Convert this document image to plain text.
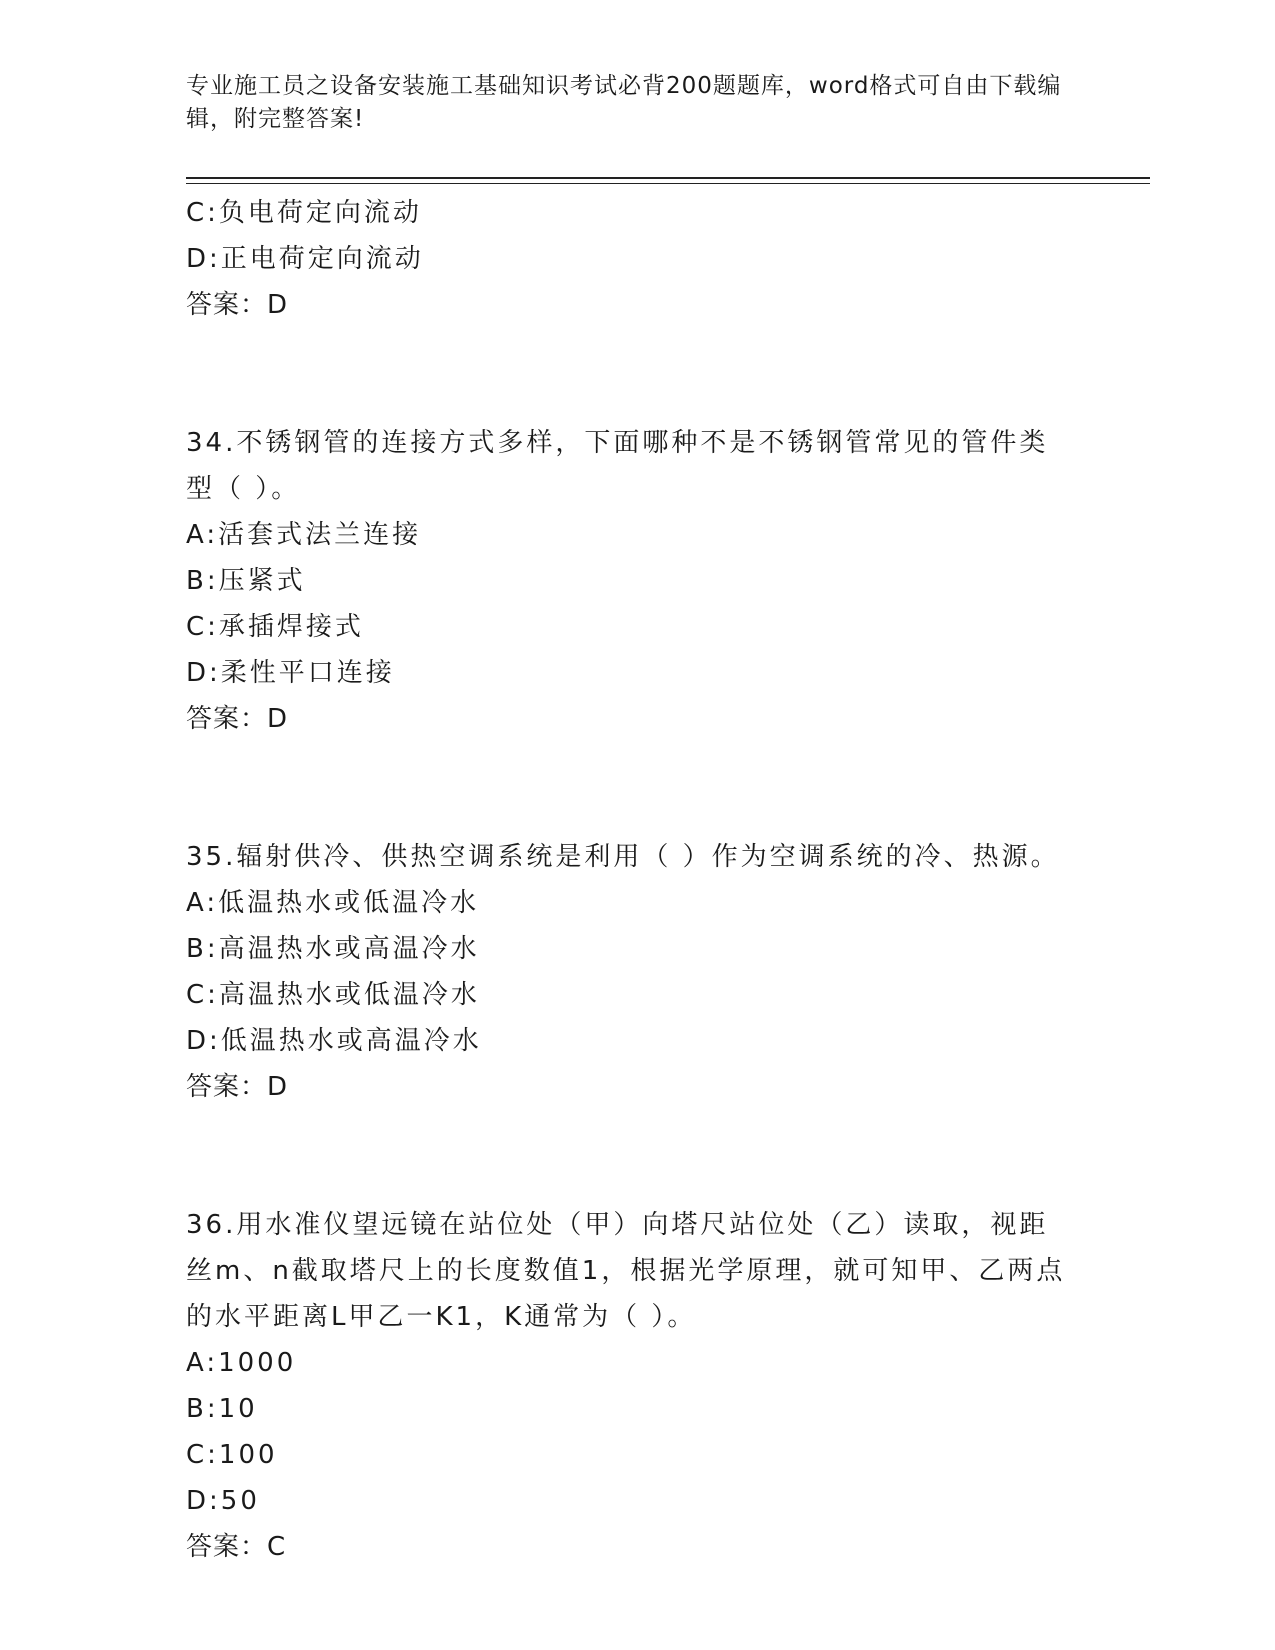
专业施工员之设备安装施工基础知识考试必背200题题库，word格式可自由下载编辑，附完整答案!
C:负电荷定向流动
D:正电荷定向流动
答案：D
34.不锈钢管的连接方式多样，下面哪种不是不锈钢管常见的管件类型（ ）。
A:活套式法兰连接
B:压紧式
C:承插焊接式
D:柔性平口连接
答案：D
35.辐射供冷、供热空调系统是利用（ ）作为空调系统的冷、热源。
A:低温热水或低温冷水
B:高温热水或高温冷水
C:高温热水或低温冷水
D:低温热水或高温冷水
答案：D
36.用水准仪望远镜在站位处（甲）向塔尺站位处（乙）读取，视距丝m、n截取塔尺上的长度数值1，根据光学原理，就可知甲、乙两点的水平距离L甲乙一K1，K通常为（ ）。
A:1000
B:10
C:100
D:50
答案：C
